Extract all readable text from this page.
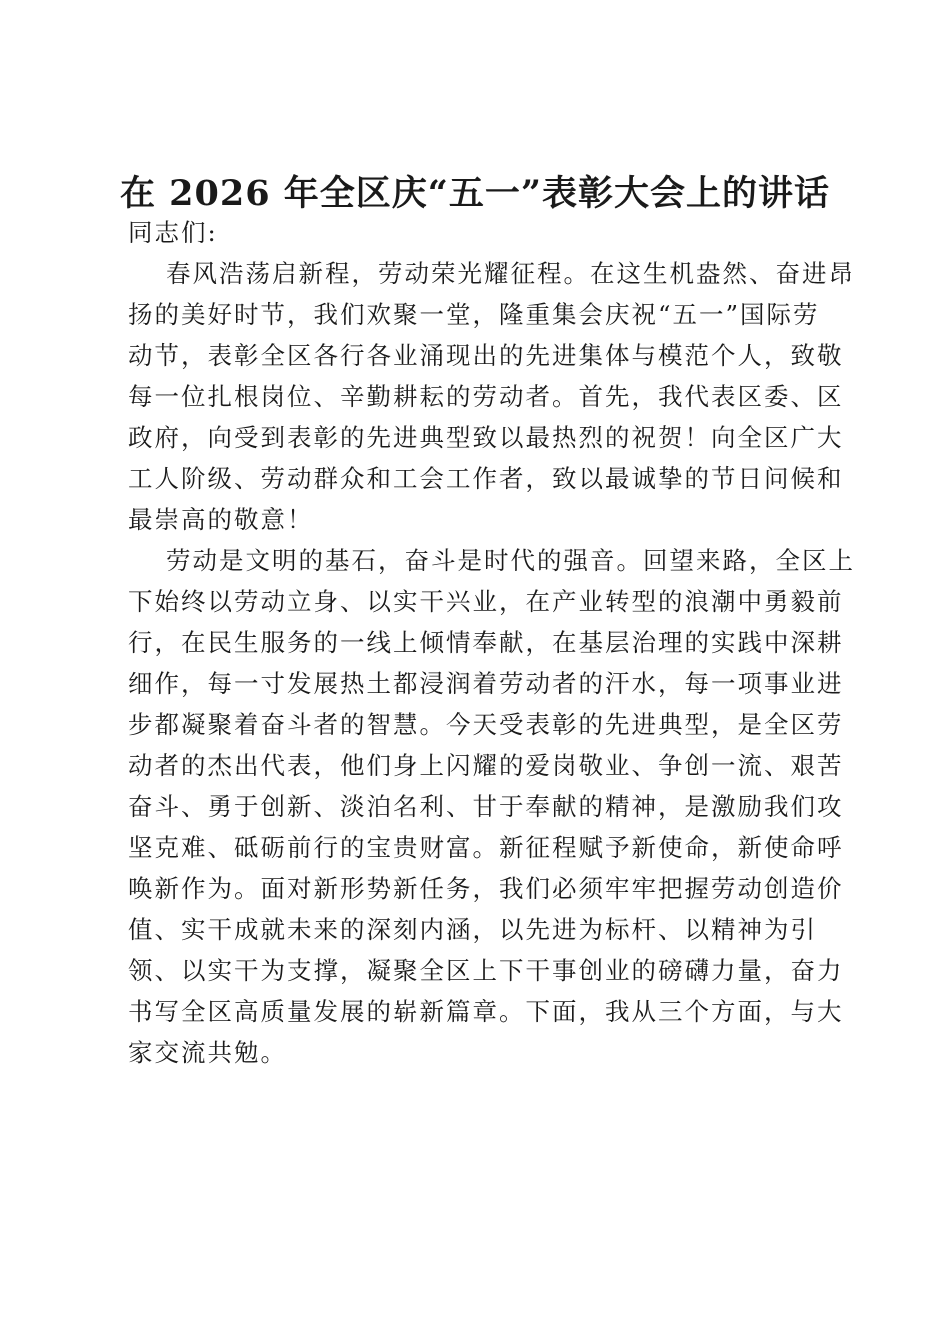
在 2026 年全区庆“五一”表彰大会上的讲话

同志们:

春风浩荡启新程，劳动荣光耀征程。在这生机盎然、奋进昂
扬的美好时节，我们欢聚一堂，隆重集会庆祝“五一”国际劳
动节，表彰全区各行各业涌现出的先进集体与模范个人，致敬
每一位扎根岗位、辛勤耕耘的劳动者。首先，我代表区委、区
政府，向受到表彰的先进典型致以最热烈的祝贺！向全区广大
工人阶级、劳动群众和工会工作者，致以最诚挚的节日问候和
最崇高的敬意！

劳动是文明的基石，奋斗是时代的强音。回望来路，全区上
下始终以劳动立身、以实干兴业，在产业转型的浪潮中勇毅前
行，在民生服务的一线上倾情奉献，在基层治理的实践中深耕
细作，每一寸发展热土都浸润着劳动者的汗水，每一项事业进
步都凝聚着奋斗者的智慧。今天受表彰的先进典型，是全区劳
动者的杰出代表，他们身上闪耀的爱岗敬业、争创一流、艰苦
奋斗、勇于创新、淡泊名利、甘于奉献的精神，是激励我们攻
坚克难、砥砺前行的宝贵财富。新征程赋予新使命，新使命呼
唤新作为。面对新形势新任务，我们必须牢牢把握劳动创造价
值、实干成就未来的深刻内涵，以先进为标杆、以精神为引
领、以实干为支撑，凝聚全区上下干事创业的磅礴力量，奋力
书写全区高质量发展的崭新篇章。下面，我从三个方面，与大
家交流共勉。
